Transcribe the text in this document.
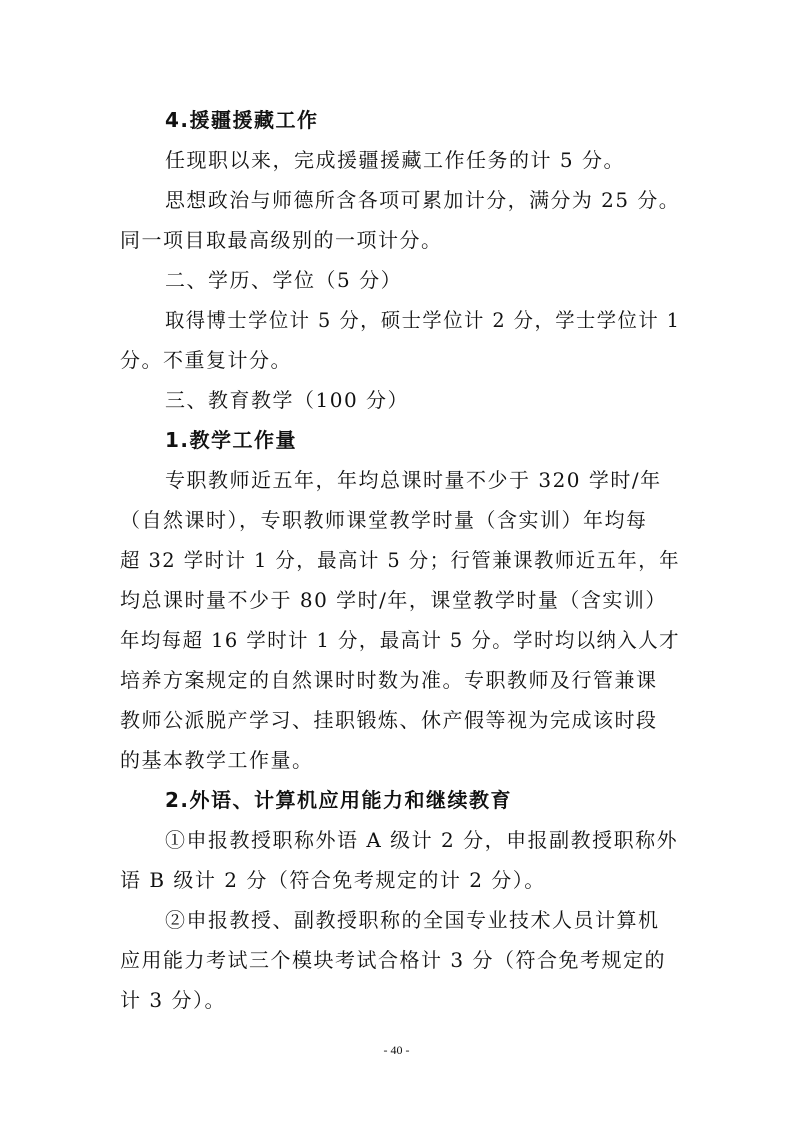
4.援疆援藏工作
任现职以来，完成援疆援藏工作任务的计 5 分。
思想政治与师德所含各项可累加计分，满分为 25 分。
同一项目取最高级别的一项计分。
二、学历、学位（5 分）
取得博士学位计 5 分，硕士学位计 2 分，学士学位计 1
分。不重复计分。
三、教育教学（100 分）
1.教学工作量
专职教师近五年，年均总课时量不少于 320 学时/年
（自然课时），专职教师课堂教学时量（含实训）年均每
超 32 学时计 1 分，最高计 5 分；行管兼课教师近五年，年
均总课时量不少于 80 学时/年，课堂教学时量（含实训）
年均每超 16 学时计 1 分，最高计 5 分。学时均以纳入人才
培养方案规定的自然课时时数为准。专职教师及行管兼课
教师公派脱产学习、挂职锻炼、休产假等视为完成该时段
的基本教学工作量。
2.外语、计算机应用能力和继续教育
①申报教授职称外语 A 级计 2 分，申报副教授职称外
语 B 级计 2 分（符合免考规定的计 2 分）。
②申报教授、副教授职称的全国专业技术人员计算机
应用能力考试三个模块考试合格计 3 分（符合免考规定的
计 3 分）。
- 40 -
